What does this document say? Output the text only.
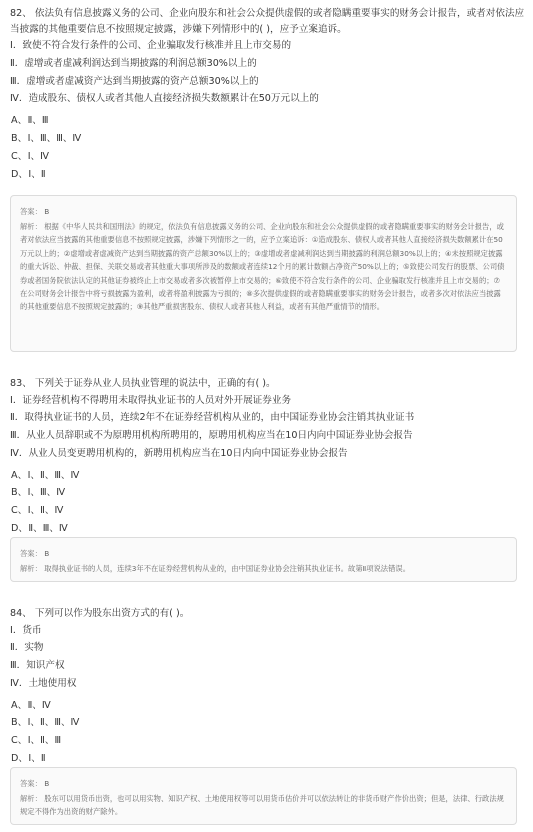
82、 依法负有信息披露义务的公司、企业向股东和社会公众提供虚假的或者隐瞒重要事实的财务会计报告，或者对依法应当披露的其他重要信息不按照规定披露，涉嫌下列情形中的( )，应予立案追诉。

Ⅰ．致使不符合发行条件的公司、企业骗取发行核准并且上市交易的

Ⅱ．虚增或者虚减利润达到当期披露的利润总额30%以上的

Ⅲ．虚增或者虚减资产达到当期披露的资产总额30%以上的

Ⅳ．造成股东、债权人或者其他人直接经济损失数额累计在50万元以上的

A、Ⅱ、Ⅲ

B、Ⅰ、Ⅲ、Ⅲ、Ⅳ

C、Ⅰ、Ⅳ

D、Ⅰ、Ⅱ

答案： B

解析： 根据《中华人民共和国刑法》的规定，依法负有信息披露义务的公司、企业向股东和社会公众提供虚假的或者隐瞒重要事实的财务会计报告，或者对依法应当披露的其他重要信息不按照规定披露，涉嫌下列情形之一的，应予立案追诉：①造成股东、债权人或者其他人直接经济损失数额累计在50万元以上的；②虚增或者虚减资产达到当期披露的资产总额30%以上的；③虚增或者虚减利润达到当期披露的利润总额30%以上的；④未按照规定披露的重大诉讼、仲裁、担保、关联交易或者其他重大事项所涉及的数额或者连续12个月的累计数额占净资产50%以上的；⑤致使公司发行的股票、公司债券或者国务院依法认定的其他证券被终止上市交易或者多次被暂停上市交易的；⑥致使不符合发行条件的公司、企业骗取发行核准并且上市交易的；⑦在公司财务会计报告中将亏损披露为盈利，或者将盈利披露为亏损的；⑧多次提供虚假的或者隐瞒重要事实的财务会计报告，或者多次对依法应当披露的其他重要信息不按照规定披露的；⑨其他严重损害股东、债权人或者其他人利益，或者有其他严重情节的情形。

83、 下列关于证券从业人员执业管理的说法中，正确的有( )。

Ⅰ．证券经营机构不得聘用未取得执业证书的人员对外开展证券业务

Ⅱ．取得执业证书的人员，连续2年不在证券经营机构从业的，由中国证券业协会注销其执业证书

Ⅲ．从业人员辞职或不为原聘用机构所聘用的，原聘用机构应当在10日内向中国证券业协会报告

Ⅳ．从业人员变更聘用机构的，新聘用机构应当在10日内向中国证券业协会报告

A、Ⅰ、Ⅱ、Ⅲ、Ⅳ

B、Ⅰ、Ⅲ、Ⅳ

C、Ⅰ、Ⅱ、Ⅳ

D、Ⅱ、Ⅲ、Ⅳ

答案： B

解析： 取得执业证书的人员，连续3年不在证券经营机构从业的，由中国证券业协会注销其执业证书。故第Ⅱ项说法错误。

84、 下列可以作为股东出资方式的有( )。

Ⅰ．货币

Ⅱ．实物

Ⅲ．知识产权

Ⅳ．土地使用权

A、Ⅱ、Ⅳ

B、Ⅰ、Ⅱ、Ⅲ、Ⅳ

C、Ⅰ、Ⅱ、Ⅲ

D、Ⅰ、Ⅱ

答案： B

解析： 股东可以用货币出资，也可以用实物、知识产权、土地使用权等可以用货币估价并可以依法转让的非货币财产作价出资；但是，法律、行政法规规定不得作为出资的财产除外。
